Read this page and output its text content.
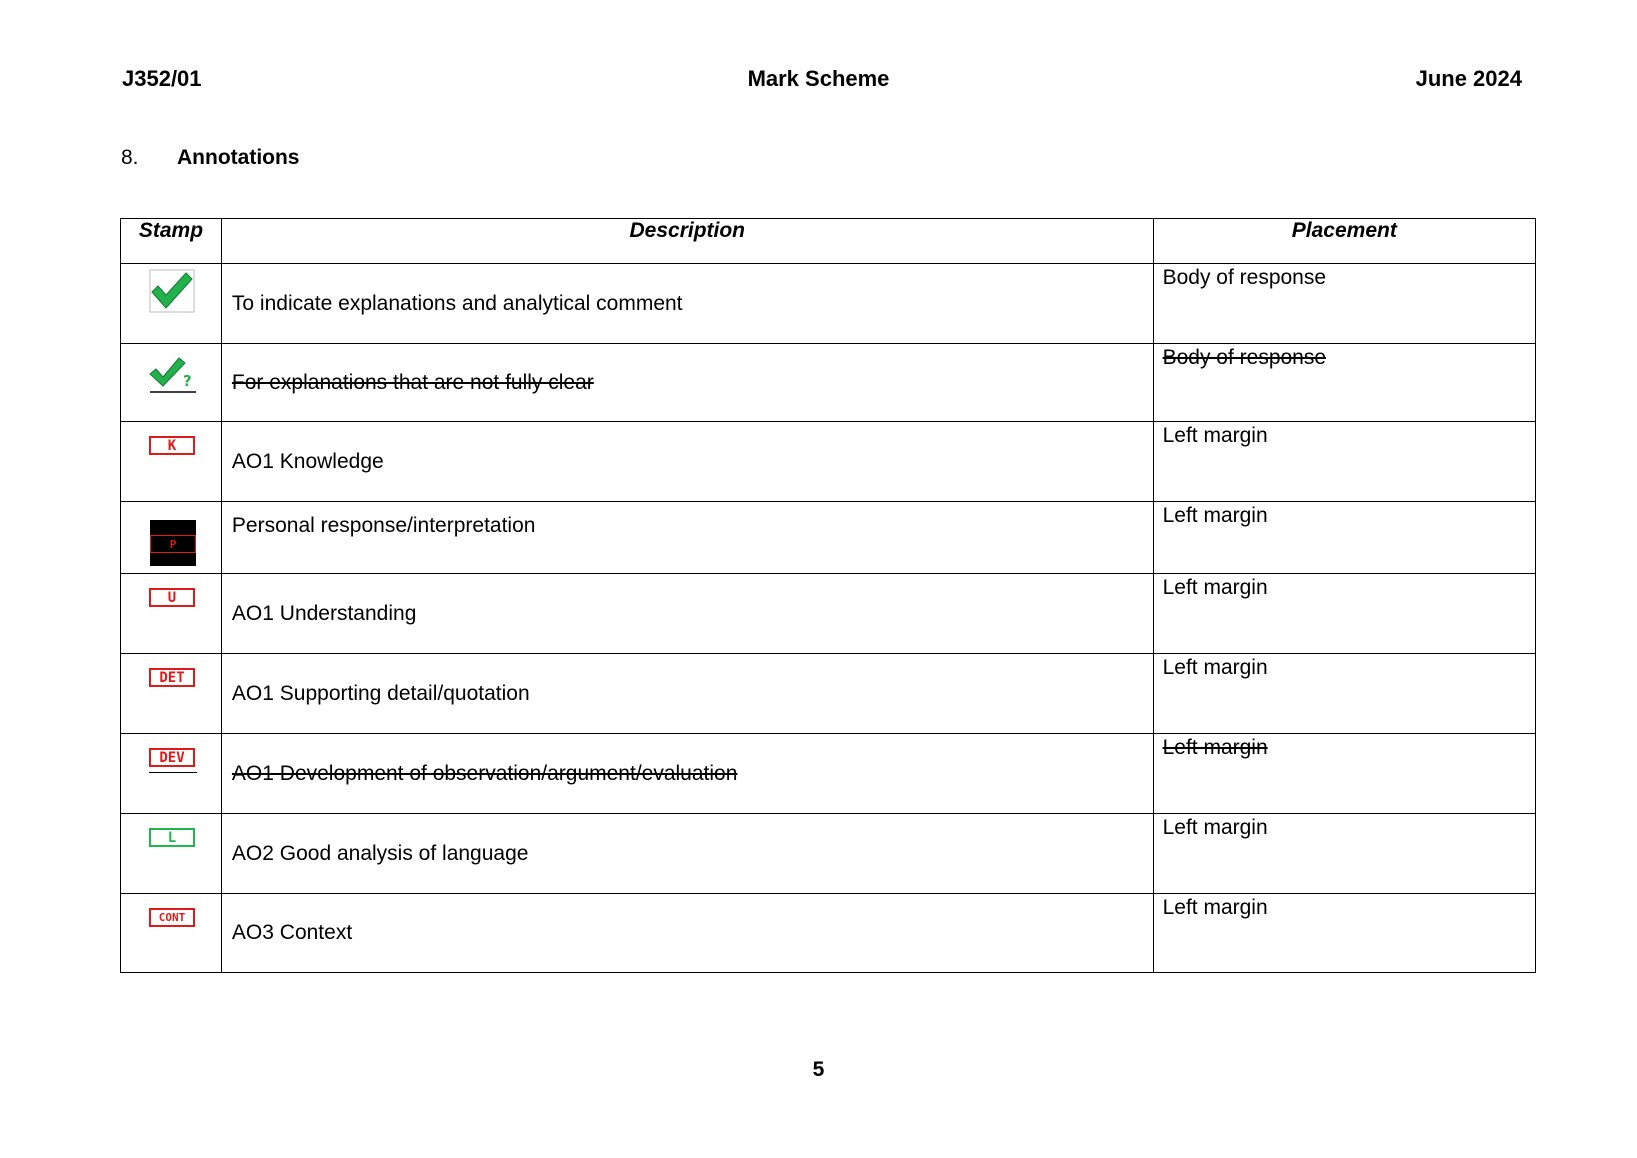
J352/01	Mark Scheme	June 2024
8. Annotations
Stamp	Description	Placement

	To indicate explanations and analytical comment	Body of response

?	For explanations that are not fully clear	Body of response

K	AO1 Knowledge	Left margin

P	Personal response/interpretation	Left margin

U	AO1 Understanding	Left margin

DET	AO1 Supporting detail/quotation	Left margin

DEV	AO1 Development of observation/argument/evaluation	Left margin

L	AO2 Good analysis of language	Left margin

CONT	AO3 Context	Left margin
5
